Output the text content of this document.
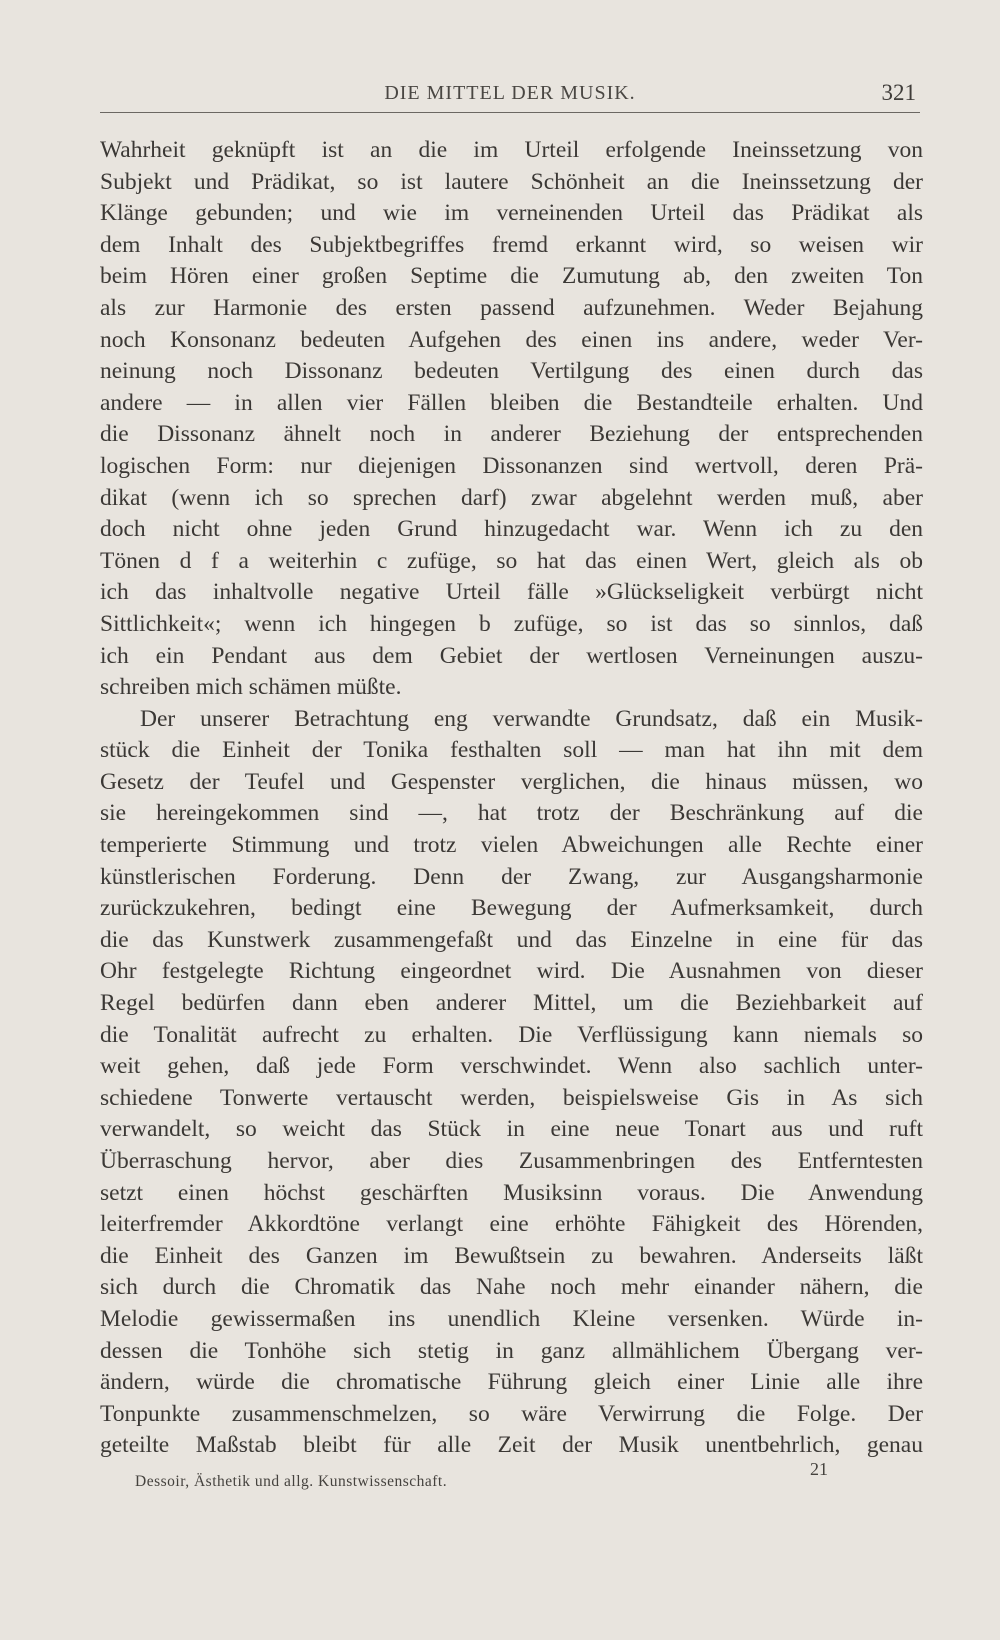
DIE MITTEL DER MUSIK.	321
Wahrheit geknüpft ist an die im Urteil erfolgende Ineinssetzung von
Subjekt und Prädikat, so ist lautere Schönheit an die Ineinssetzung der
Klänge gebunden; und wie im verneinenden Urteil das Prädikat als
dem Inhalt des Subjektbegriffes fremd erkannt wird, so weisen wir
beim Hören einer großen Septime die Zumutung ab, den zweiten Ton
als zur Harmonie des ersten passend aufzunehmen. Weder Bejahung
noch Konsonanz bedeuten Aufgehen des einen ins andere, weder Ver-
neinung noch Dissonanz bedeuten Vertilgung des einen durch das
andere — in allen vier Fällen bleiben die Bestandteile erhalten. Und
die Dissonanz ähnelt noch in anderer Beziehung der entsprechenden
logischen Form: nur diejenigen Dissonanzen sind wertvoll, deren Prä-
dikat (wenn ich so sprechen darf) zwar abgelehnt werden muß, aber
doch nicht ohne jeden Grund hinzugedacht war. Wenn ich zu den
Tönen d f a weiterhin c zufüge, so hat das einen Wert, gleich als ob
ich das inhaltvolle negative Urteil fälle »Glückseligkeit verbürgt nicht
Sittlichkeit«; wenn ich hingegen b zufüge, so ist das so sinnlos, daß
ich ein Pendant aus dem Gebiet der wertlosen Verneinungen auszu-
schreiben mich schämen müßte.
Der unserer Betrachtung eng verwandte Grundsatz, daß ein Musik-
stück die Einheit der Tonika festhalten soll — man hat ihn mit dem
Gesetz der Teufel und Gespenster verglichen, die hinaus müssen, wo
sie hereingekommen sind —, hat trotz der Beschränkung auf die
temperierte Stimmung und trotz vielen Abweichungen alle Rechte einer
künstlerischen Forderung. Denn der Zwang, zur Ausgangsharmonie
zurückzukehren, bedingt eine Bewegung der Aufmerksamkeit, durch
die das Kunstwerk zusammengefaßt und das Einzelne in eine für das
Ohr festgelegte Richtung eingeordnet wird. Die Ausnahmen von dieser
Regel bedürfen dann eben anderer Mittel, um die Beziehbarkeit auf
die Tonalität aufrecht zu erhalten. Die Verflüssigung kann niemals so
weit gehen, daß jede Form verschwindet. Wenn also sachlich unter-
schiedene Tonwerte vertauscht werden, beispielsweise Gis in As sich
verwandelt, so weicht das Stück in eine neue Tonart aus und ruft
Überraschung hervor, aber dies Zusammenbringen des Entferntesten
setzt einen höchst geschärften Musiksinn voraus. Die Anwendung
leiterfremder Akkordtöne verlangt eine erhöhte Fähigkeit des Hörenden,
die Einheit des Ganzen im Bewußtsein zu bewahren. Anderseits läßt
sich durch die Chromatik das Nahe noch mehr einander nähern, die
Melodie gewissermaßen ins unendlich Kleine versenken. Würde in-
dessen die Tonhöhe sich stetig in ganz allmählichem Übergang ver-
ändern, würde die chromatische Führung gleich einer Linie alle ihre
Tonpunkte zusammenschmelzen, so wäre Verwirrung die Folge. Der
geteilte Maßstab bleibt für alle Zeit der Musik unentbehrlich, genau
Dessoir, Ästhetik und allg. Kunstwissenschaft.
21
